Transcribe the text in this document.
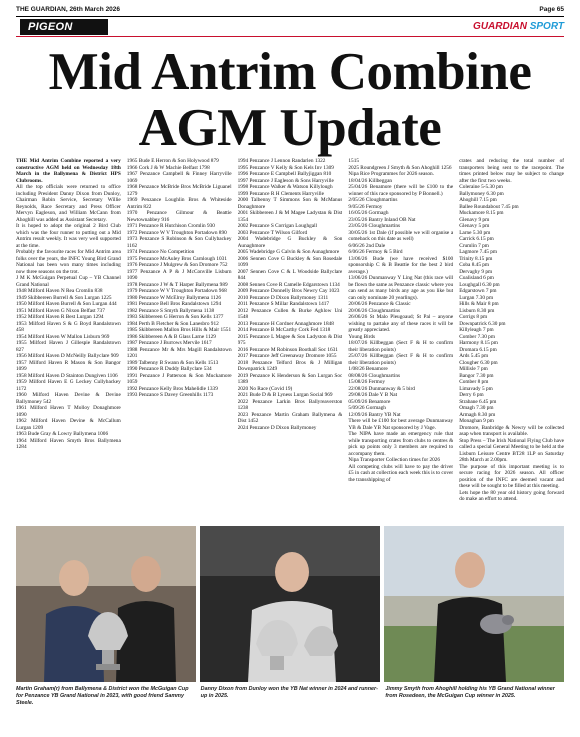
THE GUARDIAN, 26th March 2026	Page 65
PIGEON NEWS
GUARDIAN SPORT
Mid Antrim Combine
AGM Update

THE Mid Antrim Combine reported a very constructive AGM held on Wednesday 18th March in the Ballymena & District HPS Clubrooms.

All the top officials were returned to office including President Danny Dixon from Dunloy, Chairman Robin Service, Secretary Willie Reynolds, Race Secretary and Press Officer Mervyn Eagleson, and William McCann from Ahoghill was added as Assistant Secretary.

It is hoped to adopt the original 2 Bird Club which was the four runner to putting out a Mid Antrim result weekly. It was very well supported at the time.

Probably the favourite races for Mid Antrim area folks over the years, the INFC Young Bird Grand National has been won many times including now three seasons on the trot.

J M K McGuigan Perpetual Cup – YB Channel Grand National

1948 Milford Haven N Rea Cromlin 838

1949 Skibbereen Burrell & Son Lurgan 1225

1950 Milford Haven Burrell & Son Lurgan 444

1951 Milford Haven G Nixon Belfast 737

1952 Milford Haven R Best Lurgan 1294

1953 Milford Haven S & G Boyd Randalstown 458

1954 Milford Haven W Mallon Lisburn 969

1955 Milford Haven J Gillespie Randalstown 827

1956 Milford Haven D McNeilly Ballyclare 909

1957 Milford Haven R Mason & Son Bangor 1099

1958 Milford Haven D Stainton Dungiven 1106

1959 Milford Haven E G Leckey Cullybackey 1172

1960 Milford Haven Devine & Devine Ballymoney 542

1961 Milford Haven T Molloy Donaghmore 1090

1962 Milford Haven Devine & McCallum Lurgan 1209

1963 Bude Gray & Lowry Ballymena 1006

1964 Milford Haven Smyth Bros Ballymena 1284

1965 Bude E Herron & Son Holywood 879

1966 Cork J & W Machie Belfast 1798

1967 Penzance Campbell & Finney Harryville 1069

1968 Penzance McBride Bros McBride Liguanel 1279

1969 Penzance Loughlin Bros & Whiteside Antrim 822

1970 Penzance Gilmour & Beattie Newtownabbey 916

1971 Penzance R Hutchison Cromlin 930

1972 Penzance W V Troughton Portadown 890

1973 Penzance S Robinson & Son Cullybackey 1162

1974 Penzance No Competition

1975 Penzance McAuley Bros Carnlough 1031

1976 Penzance J Mulgrew & Son Dromore 752

1977 Penzance A P & J McConville Lisburn 1090

1978 Penzance J W & T Harper Ballymena 989

1979 Penzance W V Troughton Portadown 968

1980 Penzance W McElroy Ballymena 1126

1981 Penzance Bell Bros Randalstown 1294

1982 Penzance S Smyth Ballymena 1138

1983 Skibbereen G Herron & Son Kells 1377

1984 Perth B Fletcher & Son Lanesbro 912

1985 Skibbereen Mallon Bros Hills & Mair 1551

1986 Skibbereen A & B Glass Larne 1129

1987 Penzance J Burrows Mervile 1617

1988 Penzance Mr & Mrs Magill Randalstown 1201

1989 Talbenny B Swann & Son Kells 1513

1990 Penzance R Duddy Ballyclare 534

1991 Penzance J Patterson & Son Muckamore 1059

1992 Penzance Kelly Bros Mahelidle 1339

1993 Penzance S Davey Greenhills 1173

1994 Penzance J Lennon Randarlen 1322

1995 Penzance V Kelly & Son Kels Inv 1309

1996 Penzance E Campbell Ballyjiggan 810

1997 Penzance J Eagleson & Sons Harryville

1998 Penzance Walker & Watson Killylough

1999 Penzance R H Clements Harryville

2000 Talbenny T Simmons Son & McManus Donaghmore

2001 Skibbereen J & M Magee Ladystan & Dist 1354

2002 Penzance S Corrigan Loughgall

2003 Penzance T Wilson Gilford

2004 Wadebridge G Buckley & Son Aunaghmore

2005 Wadebridge G Calvin & Son Aunaghmore

2006 Sennen Cove G Buckley & Son Rosedale 1099

2007 Sennen Cove C & L Woodside Ballyclare 844

2008 Sennen Cove R Camelle Edgarstown 1134

2009 Penzance Donnelly Bros Newry Cay 1023

2010 Penzance D Dixon Ballymoney 1311

2011 Penzance S Millar Randalstown 1417

2012 Penzance Cullen & Burke Aghlow Uni 1548

2013 Penzance H Cordner Annaghmore 1848

2014 Penzance B McCarthy Cork Fed 1318

2015 Penzance L Magee & Son Ladyston & Dist 975

2016 Penzance M Robinson Boothall Soc 1631

2017 Penzance Jeff Greenaway Dromore 1055

2018 Penzance Telford Bros & J Milligan Downpatrick 1249

2019 Penzance K Henderson & Son Lurgan Soc 1389

2020 No Race (Covid 19)

2021 Bude D & B Lyness Lurgan Social 969

2022 Penzance Larkin Bros Ballyreaverston 1238

2023 Penzance Martin Graham Ballymena & Dist 1452

2024 Penzance D Dixon Ballymoney

1515

2025 Roundgreen J Smyth & Son Ahoghill 1256

Nipa Rice Programmes for 2026 season.

18/04/26 Killbeggan

25/04/26 Benamore (there will be £100 to the winner of this race sponsored by P Bonnell.)

2/05/26 Cloughmartins

9/05/26 Fermoy

16/05/26 Gormagh

23/05/26 Bantry Inland OB Nat

23/05/26 Cloughmartins

30/05/26 1st Dale (if possible we will organise a comeback on this date as well)

6/06/26 2nd Dale

6/06/26 Fermoy & 5 Bird

13/06/26 Bude (we have received $100 sponsorship C & B Beattie for the best 2 bird average.)

13/06/26 Dunmanway Y Ling Nat (this race will be flown the same as Penzance classic where you can send as many birds any age as you like but can only nominate 20 yearlings).

20/06/26 Penzance & Classic

20/06/26 Cloughmartins

26/06/26 St Malo Pleugoaud; St Pal – anyone wishing to partake any of these races it will be greatly appreciated.

Young Birds

18/07/26 Killbeggan (Sect F & H to confirm their liberation points)

25/07/26 Killbeggan (Sect F & H to confirm their liberation points)

1/08/26 Benamore

08/08/26 Cloughmartins

15/08/26 Fermoy

22/08/26 Dunmanway & 5 bird

29/08/26 Dale Y B Nat

05/09/26 Benamore

5/09/26 Gormagh

12/09/26 Bantry YB Nat

There will be £100 for best average Dunmanway YB & Dale YB Nat sponsored by J Vage.

The NIPA have made an emergency rule that while transporting crates from clubs to centres & pick up points only 3 members are required to accompany them.

Nipa Transporter Collection times for 2026

All competing clubs will have to pay the driver £5 in cash at collection each week this is to cover the transshipping of

crates and reducing the total number of transporters being sent to the racepoint. The times printed below may be subject to change after the first two weeks.

Coleraine 5-5.30 pm

Ballymoney 6.30 pm

Ahoghill 7.15 pm

Ballee Roundabout 7.45 pm

Muckamore 8.15 pm

Glenavy 9 pm

Glenavy 5 pm

Larne 5.30 pm

Carrick 6.15 pm

Crumlin 7 pm

Lagmore 7.45 pm

Trinity 8.15 pm

Coba 8.45 pm

Dervaghy 9 pm

Coalisland 6 pm

Loughgall 6.30 pm

Edgarstown 7 pm

Lurgan 7.30 pm

Hills & Mair 8 pm

Lisburn 8.30 pm

Corrigs 8 pm

Downpatrick 6.30 pm

Killyleagh 7 pm

Comber 7.30 pm

Harmony 8.15 pm

Dromara 6.15 pm

Ards 5.45 pm

Clougher 6.30 pm

Millisle 7 pm

Bangor 7.30 pm

Comber 8 pm

Limavady 5 pm

Derry 6 pm

Strabane 6.45 pm

Omagh 7.30 pm

Armagh 8.30 pm

Monaghan 9 pm

Dromore, Banbridge & Newry will be collected asap when transport is available.

Stop Press – The Irish National Flying Club have called a special General Meeting to be held at the Lisburn Leisure Centre BT28 1LP on Saturday 28th March at 2.00pm.

The purpose of this important meeting is to secure racing for 2026 season. All officer position of the INFC are deemed vacant and these will be sought to be filled at this meeting.

Lets hope the 80 year old history going forward do make an effort to attend.

Martin Graham(r) from Ballymena & District won the McGuigan Cup for Penzance YB Grand National in 2023, with good friend Sammy Steele.
Danny Dixon from Dunloy won the YB Nat winner in 2024 and runner-up in 2025.
Jimmy Smyth from Ahoghill holding his YB Grand National winner from Rosedeen, the McGuigan Cup winner in 2025.
